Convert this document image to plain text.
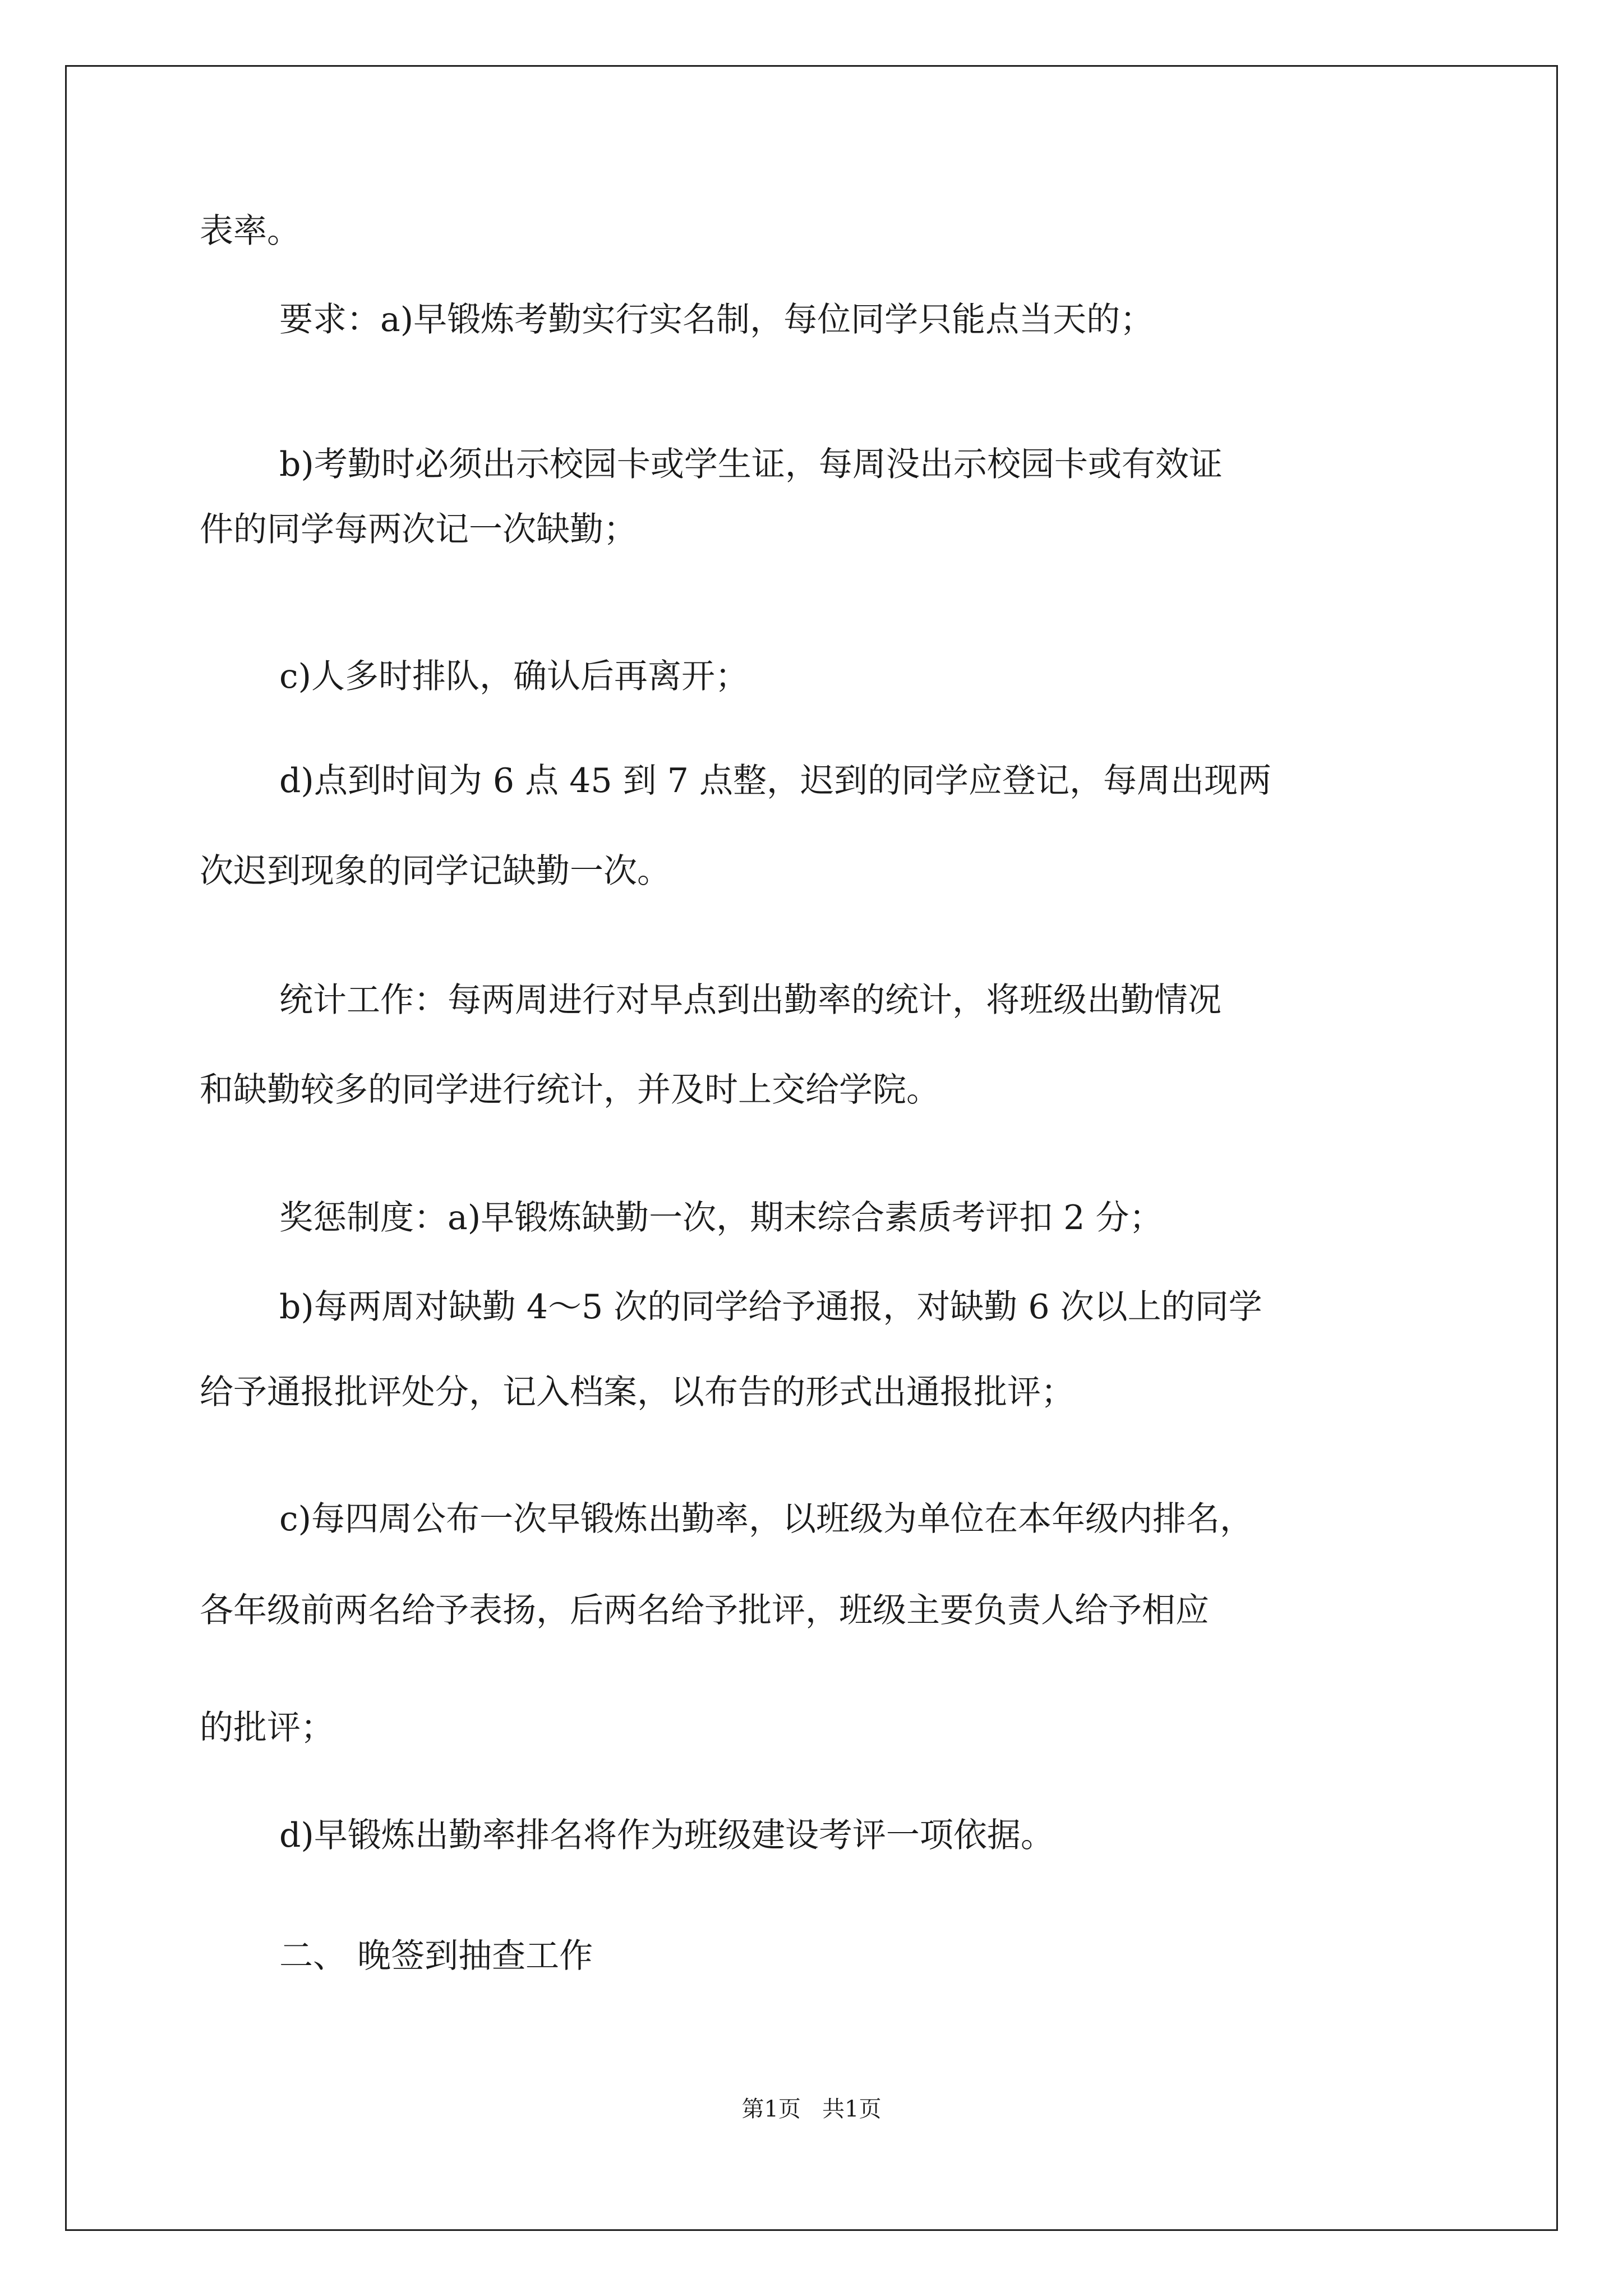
表率。
要求：a)早锻炼考勤实行实名制，每位同学只能点当天的；
b)考勤时必须出示校园卡或学生证，每周没出示校园卡或有效证
件的同学每两次记一次缺勤；
c)人多时排队，确认后再离开；
d)点到时间为 6 点 45 到 7 点整，迟到的同学应登记，每周出现两
次迟到现象的同学记缺勤一次。
统计工作：每两周进行对早点到出勤率的统计，将班级出勤情况
和缺勤较多的同学进行统计，并及时上交给学院。
奖惩制度：a)早锻炼缺勤一次，期末综合素质考评扣 2 分；
b)每两周对缺勤 4～5 次的同学给予通报，对缺勤 6 次以上的同学
给予通报批评处分，记入档案，以布告的形式出通报批评；
c)每四周公布一次早锻炼出勤率，以班级为单位在本年级内排名，
各年级前两名给予表扬，后两名给予批评，班级主要负责人给予相应
的批评；
d)早锻炼出勤率排名将作为班级建设考评一项依据。
二、 晚签到抽查工作
第1页   共1页
